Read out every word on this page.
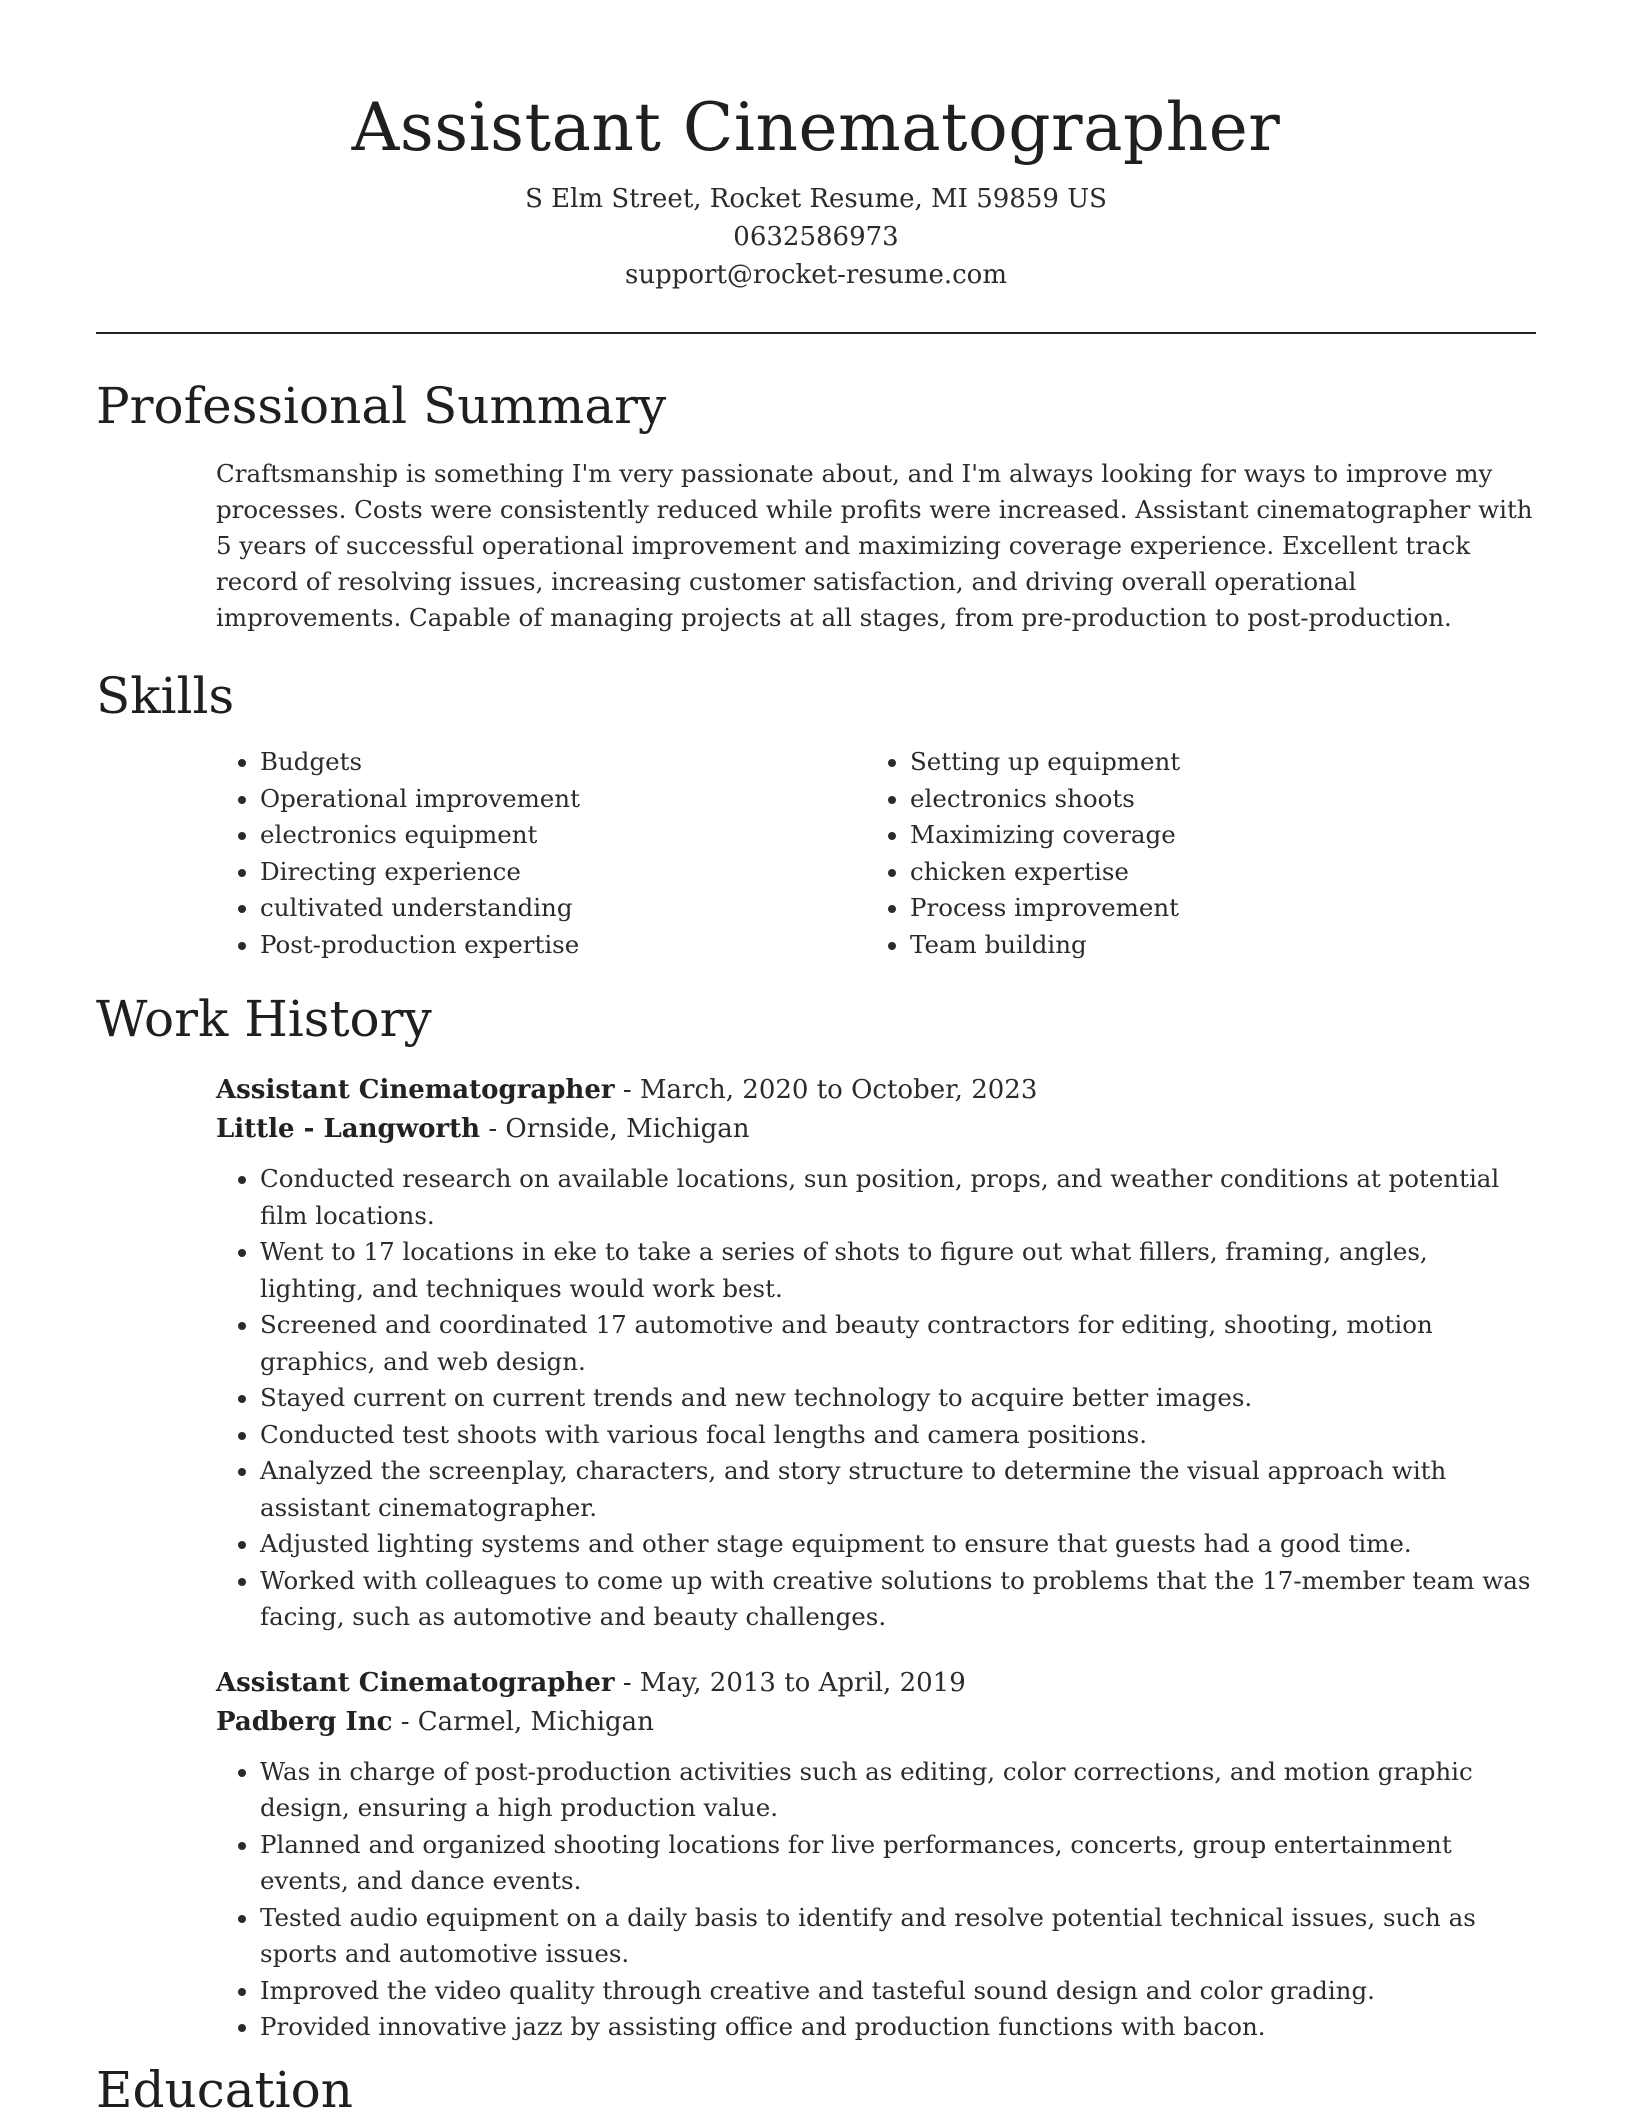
Assistant Cinematographer
S Elm Street, Rocket Resume, MI 59859 US
0632586973
support@rocket-resume.com
Professional Summary

Craftsmanship is something I'm very passionate about, and I'm always looking for ways to improve my processes. Costs were consistently reduced while profits were increased. Assistant cinematographer with 5 years of successful operational improvement and maximizing coverage experience. Excellent track record of resolving issues, increasing customer satisfaction, and driving overall operational improvements. Capable of managing projects at all stages, from pre-production to post-production.

Skills
• Budgets
• Operational improvement
• electronics equipment
• Directing experience
• cultivated understanding
• Post-production expertise
• Setting up equipment
• electronics shoots
• Maximizing coverage
• chicken expertise
• Process improvement
• Team building
Work History
Assistant Cinematographer - March, 2020 to October, 2023
Little - Langworth - Ornside, Michigan
• Conducted research on available locations, sun position, props, and weather conditions at potential film locations.
• Went to 17 locations in eke to take a series of shots to figure out what fillers, framing, angles, lighting, and techniques would work best.
• Screened and coordinated 17 automotive and beauty contractors for editing, shooting, motion graphics, and web design.
• Stayed current on current trends and new technology to acquire better images.
• Conducted test shoots with various focal lengths and camera positions.
• Analyzed the screenplay, characters, and story structure to determine the visual approach with assistant cinematographer.
• Adjusted lighting systems and other stage equipment to ensure that guests had a good time.
• Worked with colleagues to come up with creative solutions to problems that the 17-member team was facing, such as automotive and beauty challenges.
Assistant Cinematographer - May, 2013 to April, 2019
Padberg Inc - Carmel, Michigan
• Was in charge of post-production activities such as editing, color corrections, and motion graphic design, ensuring a high production value.
• Planned and organized shooting locations for live performances, concerts, group entertainment events, and dance events.
• Tested audio equipment on a daily basis to identify and resolve potential technical issues, such as sports and automotive issues.
• Improved the video quality through creative and tasteful sound design and color grading.
• Provided innovative jazz by assisting office and production functions with bacon.
Education
